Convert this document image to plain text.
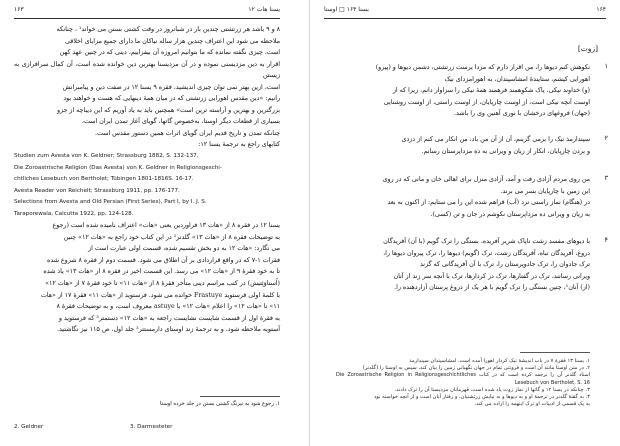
۱۶۳	یسنا هات ۱۲

۸ و ۹ باشد هر زرتشتی چندین بار در شبانروز در وقت کشتی بستن می خواند¹ ، چنانکه

ملاحظه می شود این اعتراف چندین هزار ساله نیاکان ما دارای جمیع مزایای اخلاقی

است، چیزی نگفته نمانده که ما بتوانیم امروزه آن بیفزاییم، دینی که در چنین عهد کهن

اقرار به دین مزدیسنی نموده و در آن مزدیسنا بهترین دین خوانده شده است، آن کمال سرافرازی به زیستن

است، ازین بهتر نمی توان چیزی اندیشید، فقره ۹ یسنا ۱۲ در صفت دین و پیامبرانش

رانیم: «دین مقدس اهورایی زرتشتی که در میان همهٔ دینهایی که هست و خواهند بود

بزرگترین و بهترین و آراسته ترین است» همچنین باید به یاد آوریم که این دیباچه از جزو

بسیاری از قطعات دیگر اوستا، به‌خصوص گاتها، گویای آغاز تمدن ایران است،

چنانکه تمدن و تاریخ قدیم ایران گویای اثرات همین دستور مقدس است.

کتابهای راجع به ترجمهٔ یسنا ۱۲:

Studien zum Avesta von K. Geldner; Strassburg 1882, S. 132-137.

Die Zoroastrische Religion (Das Avesta) von K. Geldner in Religionsgeschi-

chtliches Lesebuch von Bertholet; Tübingen 1801-1816S. 16-17.

Avesta Reader von Reichelt; Strassburg 1911, pp. 176-177.

Selections from Avesta and Old Persian (First Series), Part I, by I. J. S.

Taraporewala, Calcutta 1922, pp. 124-128.

یسنا ۱۲ در فقره ۸ از «هات ۱۳ فراوردین یعنی «هات» اعتراف نامیده شده است (رجوع

به توضیحات فقره ۸ از «هات ۱۳» گلدنر² در این کتاب خود راجع به «هات ۱۲» چنین

می نگارد: «هات ۱۲ به دو بخش تقسیم شده، قسمت اولی عبارت است از

فقرات ۱-۷ که در واقع قراردادی بر آن اطلاق می شود. قسمت دوم از فقره ۸ شروع شده

تا به خود فقرهٔ ۹ از «هات ۱۲» می رسد. این قسمت اخیر در فقره ۸ از «هات ۱۳» یاد شده

(اُستاوَئِتیش) در کتب مراسم دینی متأخر فقرهٔ ۸ از «هات ۱۱» تا خود فقرهٔ ۷ از «هات ۱۲»

با کلمهٔ اولی فرستوید Frastuye خوانده می شود. فرستوید از «هات ۱۱» فقرهٔ ۱۷ از «هات

۱۱» تا «هات ۱۲» را اعلام «هات ۱۲» با astuye معروف است، و به توضیحات فقرهٔ ۸

به فقرهٔ اول از قسمت شایست نشایست راجعه به «هات ۱۲» دستمتر³ که فرستوید و

آستویه ملاحظه شود، و به ترجمهٔ زند اوستای دارمستتر³ جلد اول، ص ۱۱۵ نیز نگاشتید.

۱. رجوع شود به نیرنگ کشتی بستن در جلد خرده اوستا
2. Geldner	3. Darmesteter
یسنا ۱۶۴ □ اوستا	۱۶۴
[زوت]
۱

نکوهش کنم دیوها را، من اقرار دارم که مزدا پرست زرتشتی، دشمن دیوها و (پیرو)

اهورایی کیشم، ستایندهٔ امشاسپندان، به اهورامزدای نیک

(و) خداوند نیکی، پاک شکوهمند فرهمند همهٔ نیکی را سزاوار دانم، زیرا که از

اوست آنچه نیکی است، از اوست چارپایان، از اوست راستی، از اوست روشنایی

(جهان) فروغهای درخشان با نوری آهنین وی را باشد.

۲

سپندارمذ نیک را برمی گزینم، آن از آن من باد، من انکار می کنم از دزدی

و بردن چارپایان، انکار از زیان و ویرانی به ده مزداپرستان رسانم.

۳

من روی مردم آزادی رفت و آمد، آزادی منزل برای اهالی خان و مانی که در روی

این زمین با چارپایان بسر می برند.

در (هنگام) نماز راستی نزد (آب) فراهم شده این را می ستایم: از اکنون به بعد

به زیان و ویرانی ده مزداپرستان نکوشم در جان و تن (کسی).

۴

با دیوهای مفسد زشت ناپاک شریر آفریده، بستگی را ترک گویم (با آن) آفریدگان

دروغ، آفریدگان تباه، آفریدگان زشت، ترک (گویم) دیوها را، ترک پیروان دیوها را،

ترک جادوان را، ترک جادوپرستان را، ترک با آن آفریدگانی که گزند

ویرانی رسانند، ترک در گفتارها، ترک در کردارها، ترک با آنچه سر زند از آنان

(از) آنان¹، چنین بستگی را ترک گویم با هر یک از دروغ پرستان آزاردهنده را.

۱. یسنا ۱۳ فقرهٔ ۷ در باب اندیشهٔ نیک کردار اهورا آمده است. امشاسپندان سپندارمذ

۲. در متن اوستا مانند آن است و فروتنی تمام در جهان نگهبانی زمین را بیان کند، سپس به اوستا را (گلدنر)

استاد گلدنر آن را ترجمه کرده است که در کتاب Die Zoroastrische Religion in Religionsgeschichtliches Lesebuch von Bertholet, S. 16

۳. چنانکه در یسنا ۱۲ و گاتها از نماز زوت یاد شده است، قهرمانان مزدیسنا آن را ترک دادند.

۴. به گفتهٔ گلدنر در ترجمهٔ او و به دیوها و به نیایش زرتشتیان، و رفتار آنان است و از آنچه خواسته بود

به یک قسمی از ادبیات او ترک اینهمه را اراده می کند.
